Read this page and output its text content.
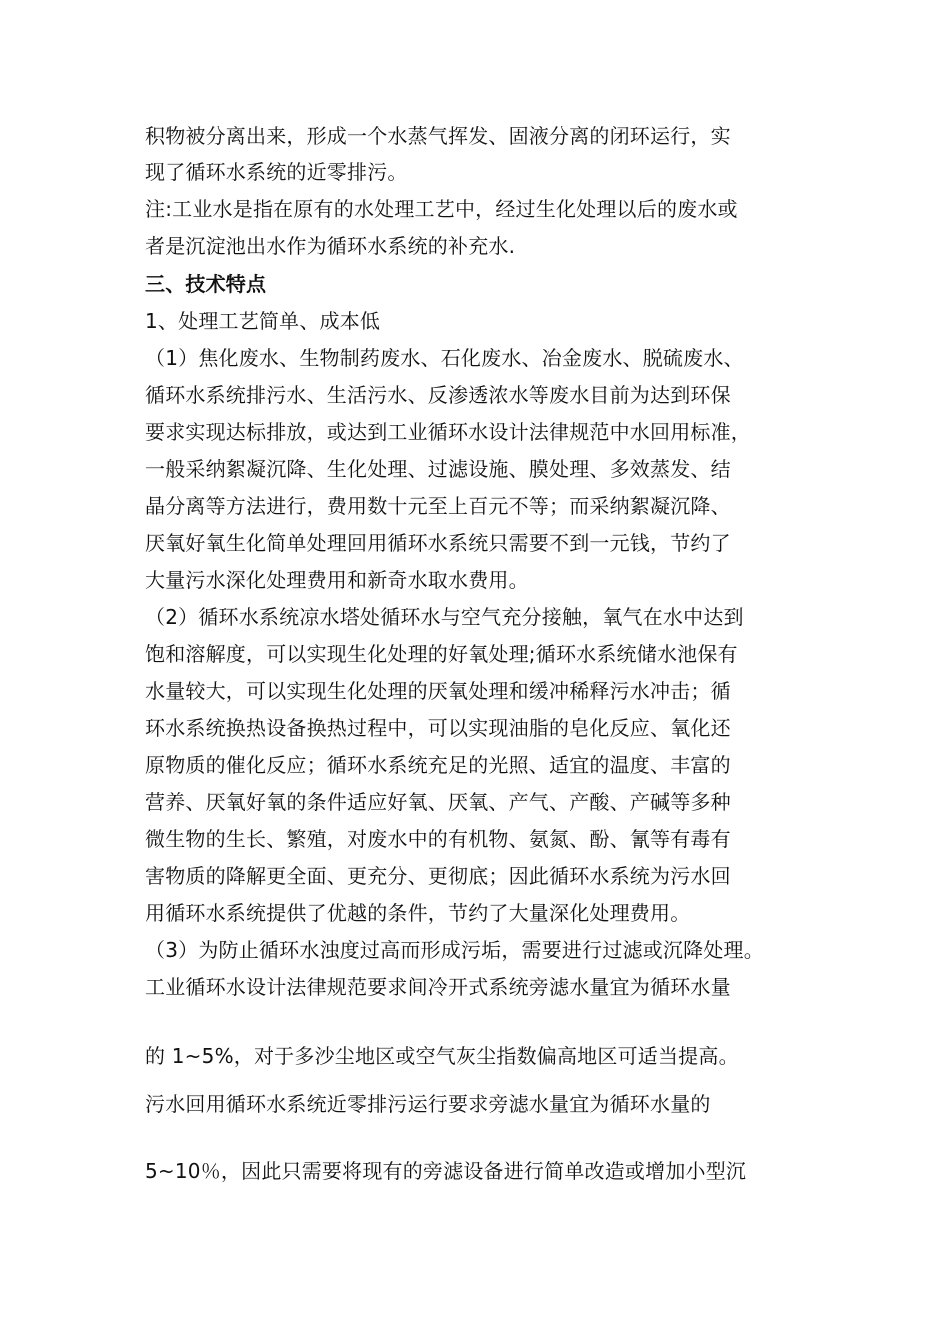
积物被分离出来，形成一个水蒸气挥发、固液分离的闭环运行，实
现了循环水系统的近零排污。
注:工业水是指在原有的水处理工艺中，经过生化处理以后的废水或
者是沉淀池出水作为循环水系统的补充水.
三、技术特点
1、处理工艺简单、成本低
（1）焦化废水、生物制药废水、石化废水、冶金废水、脱硫废水、
循环水系统排污水、生活污水、反渗透浓水等废水目前为达到环保
要求实现达标排放，或达到工业循环水设计法律规范中水回用标准，
一般采纳絮凝沉降、生化处理、过滤设施、膜处理、多效蒸发、结
晶分离等方法进行，费用数十元至上百元不等；而采纳絮凝沉降、
厌氧好氧生化简单处理回用循环水系统只需要不到一元钱，节约了
大量污水深化处理费用和新奇水取水费用。
（2）循环水系统凉水塔处循环水与空气充分接触，氧气在水中达到
饱和溶解度，可以实现生化处理的好氧处理;循环水系统储水池保有
水量较大，可以实现生化处理的厌氧处理和缓冲稀释污水冲击；循
环水系统换热设备换热过程中，可以实现油脂的皂化反应、氧化还
原物质的催化反应；循环水系统充足的光照、适宜的温度、丰富的
营养、厌氧好氧的条件适应好氧、厌氧、产气、产酸、产碱等多种
微生物的生长、繁殖，对废水中的有机物、氨氮、酚、氰等有毒有
害物质的降解更全面、更充分、更彻底；因此循环水系统为污水回
用循环水系统提供了优越的条件，节约了大量深化处理费用。
（3）为防止循环水浊度过高而形成污垢，需要进行过滤或沉降处理。
工业循环水设计法律规范要求间冷开式系统旁滤水量宜为循环水量
的 1~5%，对于多沙尘地区或空气灰尘指数偏高地区可适当提高。
污水回用循环水系统近零排污运行要求旁滤水量宜为循环水量的
5~10％，因此只需要将现有的旁滤设备进行简单改造或增加小型沉
